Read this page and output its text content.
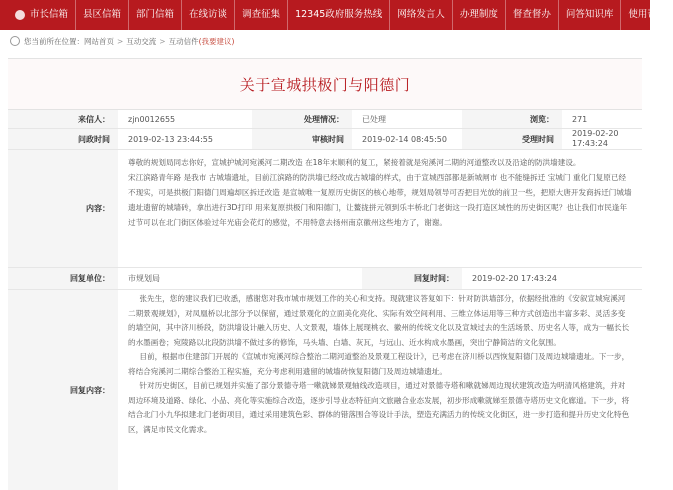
市长信箱 县区信箱 部门信箱 在线访谈 调查征集 12345政府服务热线 网络发言人 办理制度 督查督办 问答知识库 使用帮助
您当前所在位置： 网站首页 > 互动交流 > 互动信件 (我要建议)
关于宣城拱极门与阳德门
来信人：	zjn0012655	处理情况：	已处理	浏览：	271
问政时间	2019-02-13 23:44:55	审核时间	2019-02-14 08:45:50	受理时间
2019-02-20 17:43:24
内容：

尊敬的规划局同志你好，宣城护城河宛溪河二期改造 在18年末顺利的复工，紧接着就是宛溪河二期的河道整改以及沿途的防洪墙建设。

宋江滨路青年路 是我市 古城墙遗址，目前江滨路的防洪墙已经改成古城墙的样式，由于宣城西部都是新城闸市 也不能缝拆迁 宝城门 重化门复原已经不现实，可是拱极门阳德门周遍却区拆迁改造 是宣城唯一复原历史街区的核心地带，规划局领导可否把目光放的前卫一些，把原大唐开发商拆迁门城墙遗址遗留的城墙砖，拿出进行3D打印 用来复原拱极门和阳德门，让鳌拢拼元领到乐丰桥北门老街这一段打造区域性的历史街区呢？也让我们市民逢年过节可以在北门街区体验过年光庙会花灯的感觉，不用特意去扬州南京徽州这些地方了，谢谢。

回复单位：	市规划局	回复时间：	2019-02-20 17:43:24
回复内容：

张先生，您的建议我们已收悉，感谢您对我市城市规划工作的关心和支持。现就建议答复如下：针对防洪墙部分，依据经批准的《安叙宣城宛溪河二期景观规划》，对凤凰桥以北部分予以保留，通过景观化的立面美化亮化、实际有效空间利用、三维立体运用等三种方式创造出丰富多彩、灵活多变的墙空间，其中济川桥段，防洪墙设计融入历史、人文景观，墙体上展现桃衣、徽州的传统文化以及宣城过去的生活场景、历史名人等，成为一幅长长的水墨画卷；宛陵路以北段防洪墙不做过多的修饰，马头墙、白墙、灰瓦，与远山、近水构成水墨画，突出宁静简洁的文化氛围。

目前，根据市住建部门开展的《宣城市宛溪河综合整治二期河道整治及景观工程设计》，已考虑在济川桥以西恢复阳德门及周边城墙遗址。下一步，将结合宛溪河二期综合整治工程实施，充分考虑利用遗留的城墙砖恢复阳德门及周边城墙遗址。

针对历史街区，目前已规划并实施了部分景德寺塔一嗽就娣景观轴线改造项目，通过对景德寺塔和嗽就娣周边现状建筑改造为明清风格建筑，并对周边环境及道路、绿化、小品、亮化等实施综合改造，逐步引导业态特征向文旅融合业态发展，初步形成嗽就娣至景德寺塔历史文化廊道。下一步，将结合北门小九华拟建北门老街项目，通过采用建筑色彩、群体的错落围合等设计手法，塑造充满活力的传统文化街区，进一步打造和提升历史文化特色区，满足市民文化需求。
